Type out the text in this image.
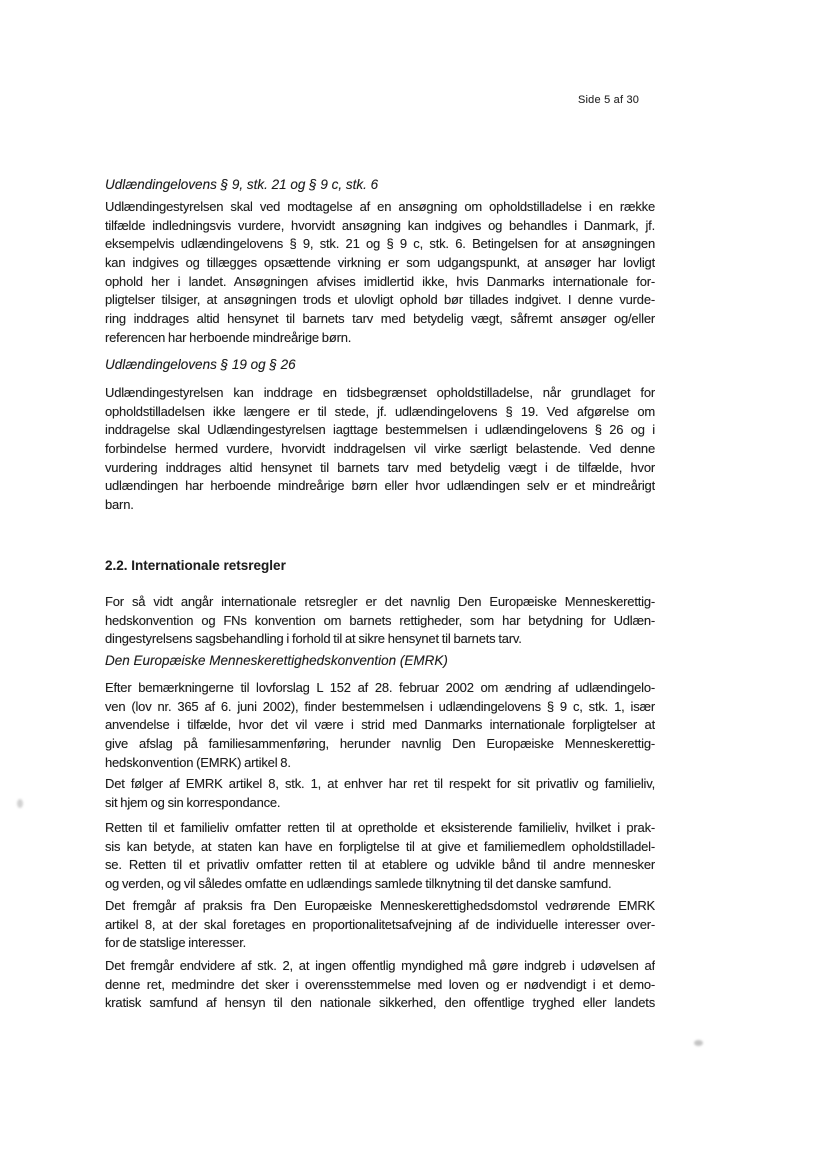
Side 5 af 30
Udlændingelovens § 9, stk. 21 og § 9 c, stk. 6
Udlændingestyrelsen skal ved modtagelse af en ansøgning om opholdstilladelse i en række
tilfælde indledningsvis vurdere, hvorvidt ansøgning kan indgives og behandles i Danmark, jf.
eksempelvis udlændingelovens § 9, stk. 21 og § 9 c, stk. 6. Betingelsen for at ansøgningen
kan indgives og tillægges opsættende virkning er som udgangspunkt, at ansøger har lovligt
ophold her i landet. Ansøgningen afvises imidlertid ikke, hvis Danmarks internationale for-
pligtelser tilsiger, at ansøgningen trods et ulovligt ophold bør tillades indgivet. I denne vurde-
ring inddrages altid hensynet til barnets tarv med betydelig vægt, såfremt ansøger og/eller
referencen har herboende mindreårige børn.
Udlændingelovens § 19 og § 26
Udlændingestyrelsen kan inddrage en tidsbegrænset opholdstilladelse, når grundlaget for
opholdstilladelsen ikke længere er til stede, jf. udlændingelovens § 19. Ved afgørelse om
inddragelse skal Udlændingestyrelsen iagttage bestemmelsen i udlændingelovens § 26 og i
forbindelse hermed vurdere, hvorvidt inddragelsen vil virke særligt belastende. Ved denne
vurdering inddrages altid hensynet til barnets tarv med betydelig vægt i de tilfælde, hvor
udlændingen har herboende mindreårige børn eller hvor udlændingen selv er et mindreårigt
barn.
2.2. Internationale retsregler
For så vidt angår internationale retsregler er det navnlig Den Europæiske Menneskerettig-
hedskonvention og FNs konvention om barnets rettigheder, som har betydning for Udlæn-
dingestyrelsens sagsbehandling i forhold til at sikre hensynet til barnets tarv.
Den Europæiske Menneskerettighedskonvention (EMRK)
Efter bemærkningerne til lovforslag L 152 af 28. februar 2002 om ændring af udlændingelo-
ven (lov nr. 365 af 6. juni 2002), finder bestemmelsen i udlændingelovens § 9 c, stk. 1, især
anvendelse i tilfælde, hvor det vil være i strid med Danmarks internationale forpligtelser at
give afslag på familiesammenføring, herunder navnlig Den Europæiske Menneskerettig-
hedskonvention (EMRK) artikel 8.
Det følger af EMRK artikel 8, stk. 1, at enhver har ret til respekt for sit privatliv og familieliv,
sit hjem og sin korrespondance.
Retten til et familieliv omfatter retten til at opretholde et eksisterende familieliv, hvilket i prak-
sis kan betyde, at staten kan have en forpligtelse til at give et familiemedlem opholdstilladel-
se. Retten til et privatliv omfatter retten til at etablere og udvikle bånd til andre mennesker
og verden, og vil således omfatte en udlændings samlede tilknytning til det danske samfund.
Det fremgår af praksis fra Den Europæiske Menneskerettighedsdomstol vedrørende EMRK
artikel 8, at der skal foretages en proportionalitetsafvejning af de individuelle interesser over-
for de statslige interesser.
Det fremgår endvidere af stk. 2, at ingen offentlig myndighed må gøre indgreb i udøvelsen af
denne ret, medmindre det sker i overensstemmelse med loven og er nødvendigt i et demo-
kratisk samfund af hensyn til den nationale sikkerhed, den offentlige tryghed eller landets
